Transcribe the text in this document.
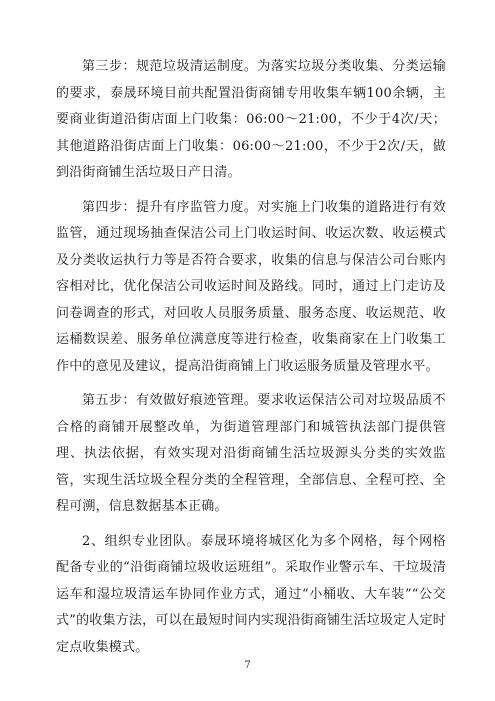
第三步：规范垃圾清运制度。为落实垃圾分类收集、分类运输的要求，泰晟环境目前共配置沿街商铺专用收集车辆100余辆，主要商业街道沿街店面上门收集：06:00～21:00，不少于4次/天；其他道路沿街店面上门收集：06:00～21:00，不少于2次/天，做到沿街商铺生活垃圾日产日清。

第四步：提升有序监管力度。对实施上门收集的道路进行有效监管，通过现场抽查保洁公司上门收运时间、收运次数、收运模式及分类收运执行力等是否符合要求，收集的信息与保洁公司台账内容相对比，优化保洁公司收运时间及路线。同时，通过上门走访及问卷调查的形式，对回收人员服务质量、服务态度、收运规范、收运桶数误差、服务单位满意度等进行检查，收集商家在上门收集工作中的意见及建议，提高沿街商铺上门收运服务质量及管理水平。

第五步：有效做好痕迹管理。要求收运保洁公司对垃圾品质不合格的商铺开展整改单，为街道管理部门和城管执法部门提供管理、执法依据，有效实现对沿街商铺生活垃圾源头分类的实效监管，实现生活垃圾全程分类的全程管理，全部信息、全程可控、全程可溯，信息数据基本正确。

2、组织专业团队。泰晟环境将城区化为多个网格，每个网格配备专业的“沿街商铺垃圾收运班组”。采取作业警示车、干垃圾清运车和湿垃圾清运车协同作业方式，通过“小桶收、大车装”“公交式”的收集方法，可以在最短时间内实现沿街商铺生活垃圾定人定时定点收集模式。

7
